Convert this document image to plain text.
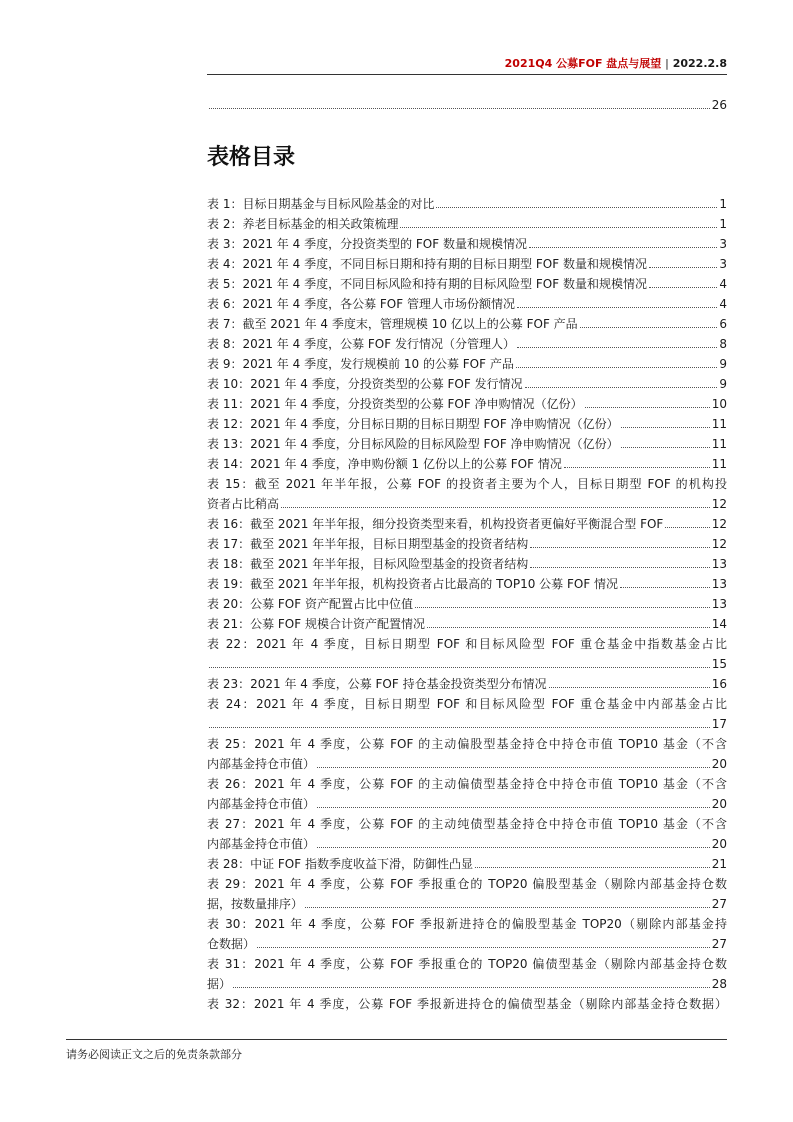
2021Q4 公募FOF 盘点与展望 | 2022.2.8
26
表格目录
表 1：目标日期基金与目标风险基金的对比	1
表 2：养老目标基金的相关政策梳理	1
表 3：2021 年 4 季度，分投资类型的 FOF 数量和规模情况	3
表 4：2021 年 4 季度，不同目标日期和持有期的目标日期型 FOF 数量和规模情况	3
表 5：2021 年 4 季度，不同目标风险和持有期的目标风险型 FOF 数量和规模情况	4
表 6：2021 年 4 季度，各公募 FOF 管理人市场份额情况	4
表 7：截至 2021 年 4 季度末，管理规模 10 亿以上的公募 FOF 产品	6
表 8：2021 年 4 季度，公募 FOF 发行情况（分管理人）	8
表 9：2021 年 4 季度，发行规模前 10 的公募 FOF 产品	9
表 10：2021 年 4 季度，分投资类型的公募 FOF 发行情况	9
表 11：2021 年 4 季度，分投资类型的公募 FOF 净申购情况（亿份）	10
表 12：2021 年 4 季度，分目标日期的目标日期型 FOF 净申购情况（亿份）	11
表 13：2021 年 4 季度，分目标风险的目标风险型 FOF 净申购情况（亿份）	11
表 14：2021 年 4 季度，净申购份额 1 亿份以上的公募 FOF 情况	11
表 15：截至 2021 年半年报，公募 FOF 的投资者主要为个人，目标日期型 FOF 的机构投
资者占比稍高	12
表 16：截至 2021 年半年报，细分投资类型来看，机构投资者更偏好平衡混合型 FOF	12
表 17：截至 2021 年半年报，目标日期型基金的投资者结构	12
表 18：截至 2021 年半年报，目标风险型基金的投资者结构	13
表 19：截至 2021 年半年报，机构投资者占比最高的 TOP10 公募 FOF 情况	13
表 20：公募 FOF 资产配置占比中位值	13
表 21：公募 FOF 规模合计资产配置情况	14
表 22：2021 年 4 季度，目标日期型 FOF 和目标风险型 FOF 重仓基金中指数基金占比
15
表 23：2021 年 4 季度，公募 FOF 持仓基金投资类型分布情况	16
表 24：2021 年 4 季度，目标日期型 FOF 和目标风险型 FOF 重仓基金中内部基金占比
17
表 25：2021 年 4 季度，公募 FOF 的主动偏股型基金持仓中持仓市值 TOP10 基金（不含
内部基金持仓市值）	20
表 26：2021 年 4 季度，公募 FOF 的主动偏债型基金持仓中持仓市值 TOP10 基金（不含
内部基金持仓市值）	20
表 27：2021 年 4 季度，公募 FOF 的主动纯债型基金持仓中持仓市值 TOP10 基金（不含
内部基金持仓市值）	20
表 28：中证 FOF 指数季度收益下滑，防御性凸显	21
表 29：2021 年 4 季度，公募 FOF 季报重仓的 TOP20 偏股型基金（剔除内部基金持仓数
据，按数量排序）	27
表 30：2021 年 4 季度，公募 FOF 季报新进持仓的偏股型基金 TOP20（剔除内部基金持
仓数据）	27
表 31：2021 年 4 季度，公募 FOF 季报重仓的 TOP20 偏债型基金（剔除内部基金持仓数
据）	28
表 32：2021 年 4 季度，公募 FOF 季报新进持仓的偏债型基金（剔除内部基金持仓数据）
请务必阅读正文之后的免责条款部分
